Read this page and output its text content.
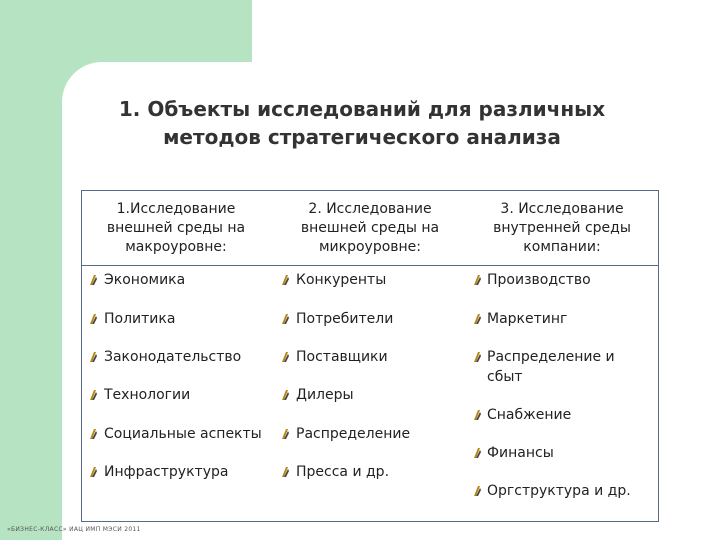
1. Объекты исследований для различных
методов стратегического анализа
1.Исследование
внешней среды на
макроуровне:
2. Исследование
внешней среды на
микроуровне:
3. Исследование
внутренней среды
компании:
Экономика
Политика
Законодательство
Технологии
Социальные аспекты
Инфраструктура
Конкуренты
Потребители
Поставщики
Дилеры
Распределение
Пресса и др.
Производство
Маркетинг
Распределение и
сбыт
Снабжение
Финансы
Оргструктура и др.
«БИЗНЕС-КЛАСС» ИАЦ ИМП МЭСИ 2011
